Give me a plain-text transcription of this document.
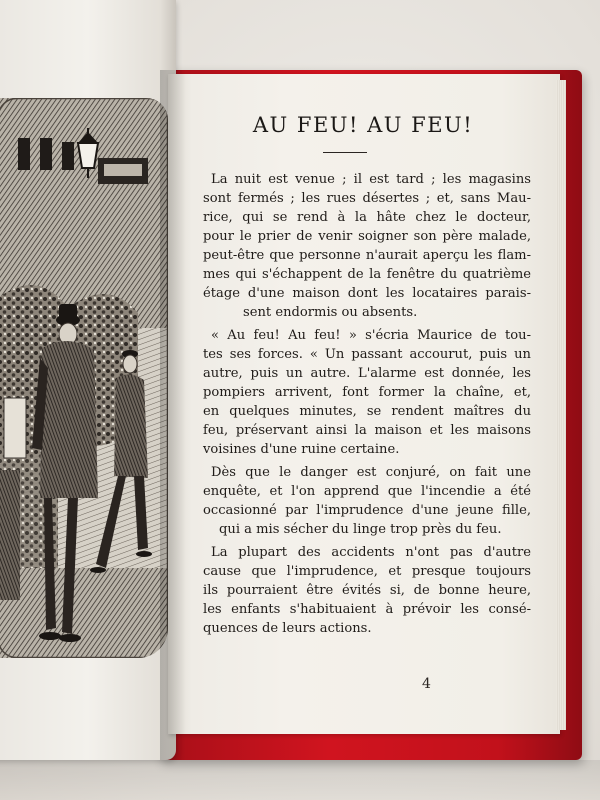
AU FEU! AU FEU!

La nuit est venue ; il est tard ; les magasins
sont fermés ; les rues désertes ; et, sans Mau-
rice, qui se rend à la hâte chez le docteur,
pour le prier de venir soigner son père malade,
peut-être que personne n'aurait aperçu les flam-
mes qui s'échappent de la fenêtre du quatrième
étage d'une maison dont les locataires parais-
sent endormis ou absents.

« Au feu! Au feu! » s'écria Maurice de tou-
tes ses forces. « Un passant accourut, puis un
autre, puis un autre. L'alarme est donnée, les
pompiers arrivent, font former la chaîne, et,
en quelques minutes, se rendent maîtres du
feu, préservant ainsi la maison et les maisons
voisines d'une ruine certaine.

Dès que le danger est conjuré, on fait une
enquête, et l'on apprend que l'incendie a été
occasionné par l'imprudence d'une jeune fille,
qui a mis sécher du linge trop près du feu.

La plupart des accidents n'ont pas d'autre
cause que l'imprudence, et presque toujours
ils pourraient être évités si, de bonne heure,
les enfants s'habituaient à prévoir les consé-
quences de leurs actions.

4
